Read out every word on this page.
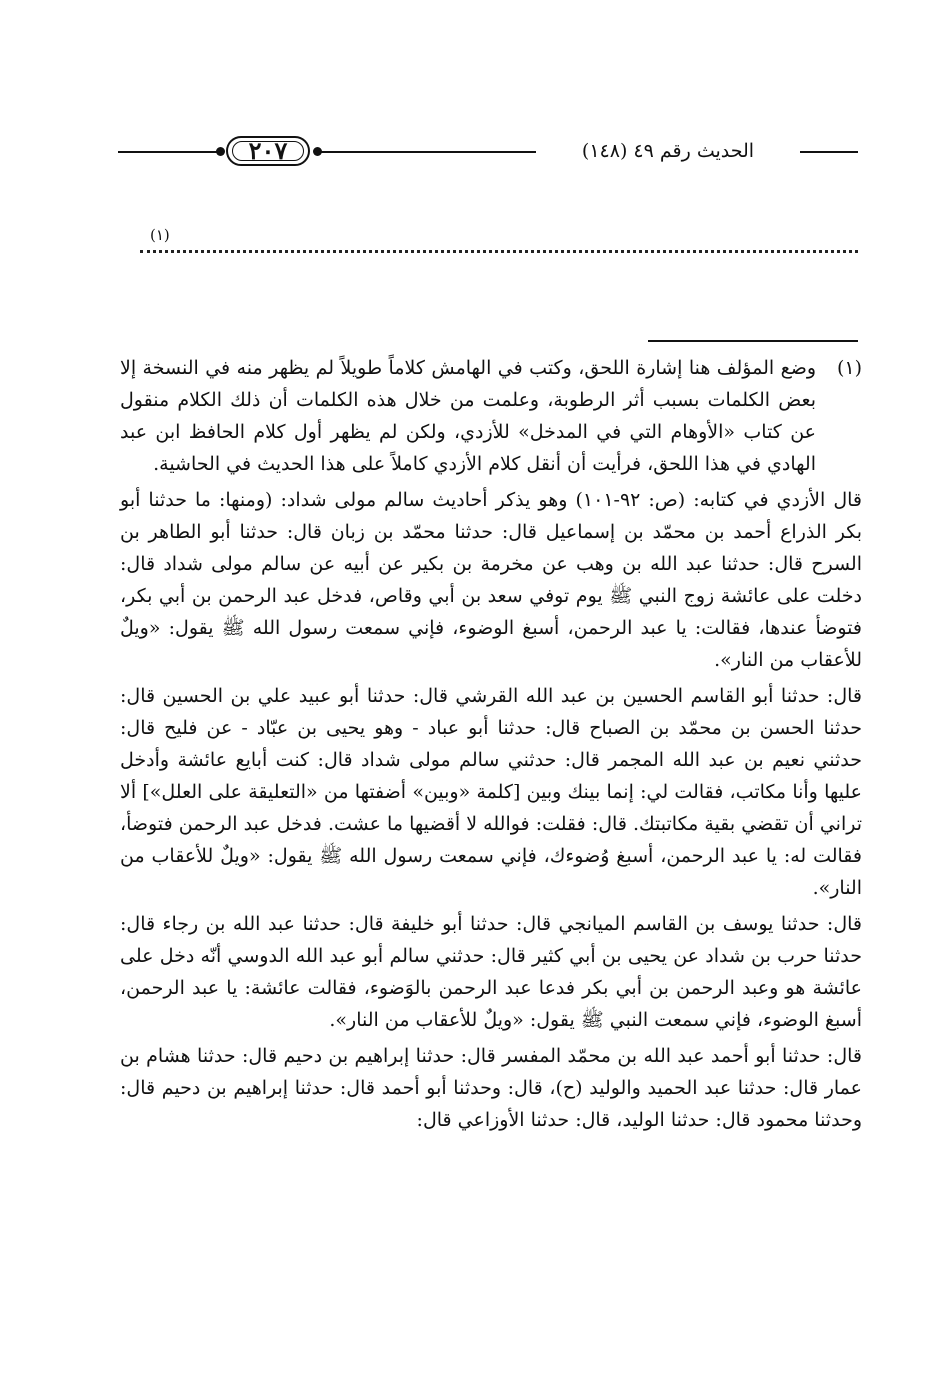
٢٠٧	الحديث رقم ٤٩ (١٤٨)
(١)
(١)
وضع المؤلف هنا إشارة اللحق، وكتب في الهامش كلاماً طويلاً لم يظهر منه في النسخة إلا بعض الكلمات بسبب أثر الرطوبة، وعلمت من خلال هذه الكلمات أن ذلك الكلام منقول عن كتاب «الأوهام التي في المدخل» للأزدي، ولكن لم يظهر أول كلام الحافظ ابن عبد الهادي في هذا اللحق، فرأيت أن أنقل كلام الأزدي كاملاً على هذا الحديث في الحاشية.

قال الأزدي في كتابه: (ص: ٩٢-١٠١) وهو يذكر أحاديث سالم مولى شداد: (ومنها: ما حدثنا أبو بكر الذراع أحمد بن محمّد بن إسماعيل قال: حدثنا محمّد بن زبان قال: حدثنا أبو الطاهر بن السرح قال: حدثنا عبد الله بن وهب عن مخرمة بن بكير عن أبيه عن سالم مولى شداد قال: دخلت على عائشة زوج النبي ﷺ يوم توفي سعد بن أبي وقاص، فدخل عبد الرحمن بن أبي بكر، فتوضأ عندها، فقالت: يا عبد الرحمن، أسبغ الوضوء، فإني سمعت رسول الله ﷺ يقول: «ويلٌ للأعقاب من النار».

قال: حدثنا أبو القاسم الحسين بن عبد الله القرشي قال: حدثنا أبو عبيد علي بن الحسين قال: حدثنا الحسن بن محمّد بن الصباح قال: حدثنا أبو عباد - وهو يحيى بن عبّاد - عن فليح قال: حدثني نعيم بن عبد الله المجمر قال: حدثني سالم مولى شداد قال: كنت أبايع عائشة وأدخل عليها وأنا مكاتب، فقالت لي: إنما بينك وبين [كلمة «وبين» أضفتها من «التعليقة على العلل»] ألا تراني أن تقضي بقية مكاتبتك. قال: فقلت: فوالله لا أقضيها ما عشت. فدخل عبد الرحمن فتوضأ، فقالت له: يا عبد الرحمن، أسبغ وُضوءك، فإني سمعت رسول الله ﷺ يقول: «ويلٌ للأعقاب من النار».

قال: حدثنا يوسف بن القاسم الميانجي قال: حدثنا أبو خليفة قال: حدثنا عبد الله بن رجاء قال: حدثنا حرب بن شداد عن يحيى بن أبي كثير قال: حدثني سالم أبو عبد الله الدوسي أنّه دخل على عائشة هو وعبد الرحمن بن أبي بكر فدعا عبد الرحمن بالوَضوء، فقالت عائشة: يا عبد الرحمن، أسبغ الوضوء، فإني سمعت النبي ﷺ يقول: «ويلٌ للأعقاب من النار».

قال: حدثنا أبو أحمد عبد الله بن محمّد المفسر قال: حدثنا إبراهيم بن دحيم قال: حدثنا هشام بن عمار قال: حدثنا عبد الحميد والوليد (ح)، قال: وحدثنا أبو أحمد قال: حدثنا إبراهيم بن دحيم قال: وحدثنا محمود قال: حدثنا الوليد، قال: حدثنا الأوزاعي قال:
